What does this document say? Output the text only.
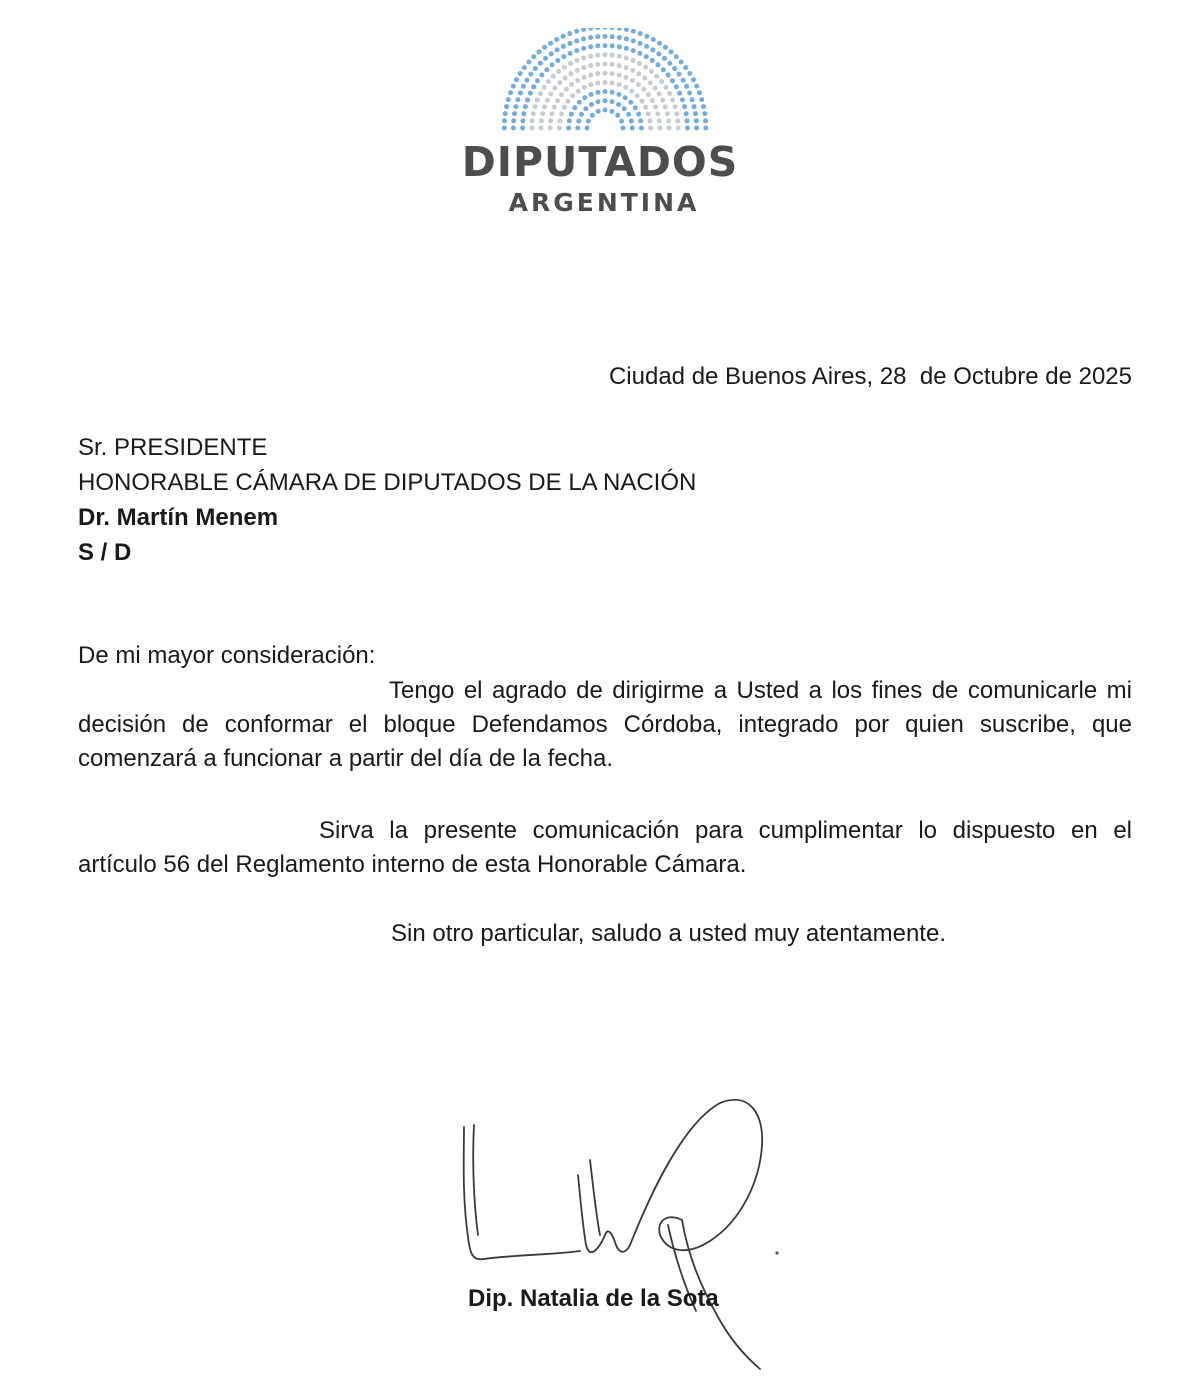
DIPUTADOS
ARGENTINA
Ciudad de Buenos Aires, 28  de Octubre de 2025
Sr. PRESIDENTE
HONORABLE CÁMARA DE DIPUTADOS DE LA NACIÓN
Dr. Martín Menem
S / D
De mi mayor consideración:
Tengo el agrado de dirigirme a Usted a los fines de comunicarle mi decisión de conformar el bloque Defendamos Córdoba, integrado por quien suscribe, que comenzará a funcionar a partir del día de la fecha.
Sirva la presente comunicación para cumplimentar lo dispuesto en el artículo 56 del Reglamento interno de esta Honorable Cámara.
Sin otro particular, saludo a usted muy atentamente.
Dip. Natalia de la Sota
